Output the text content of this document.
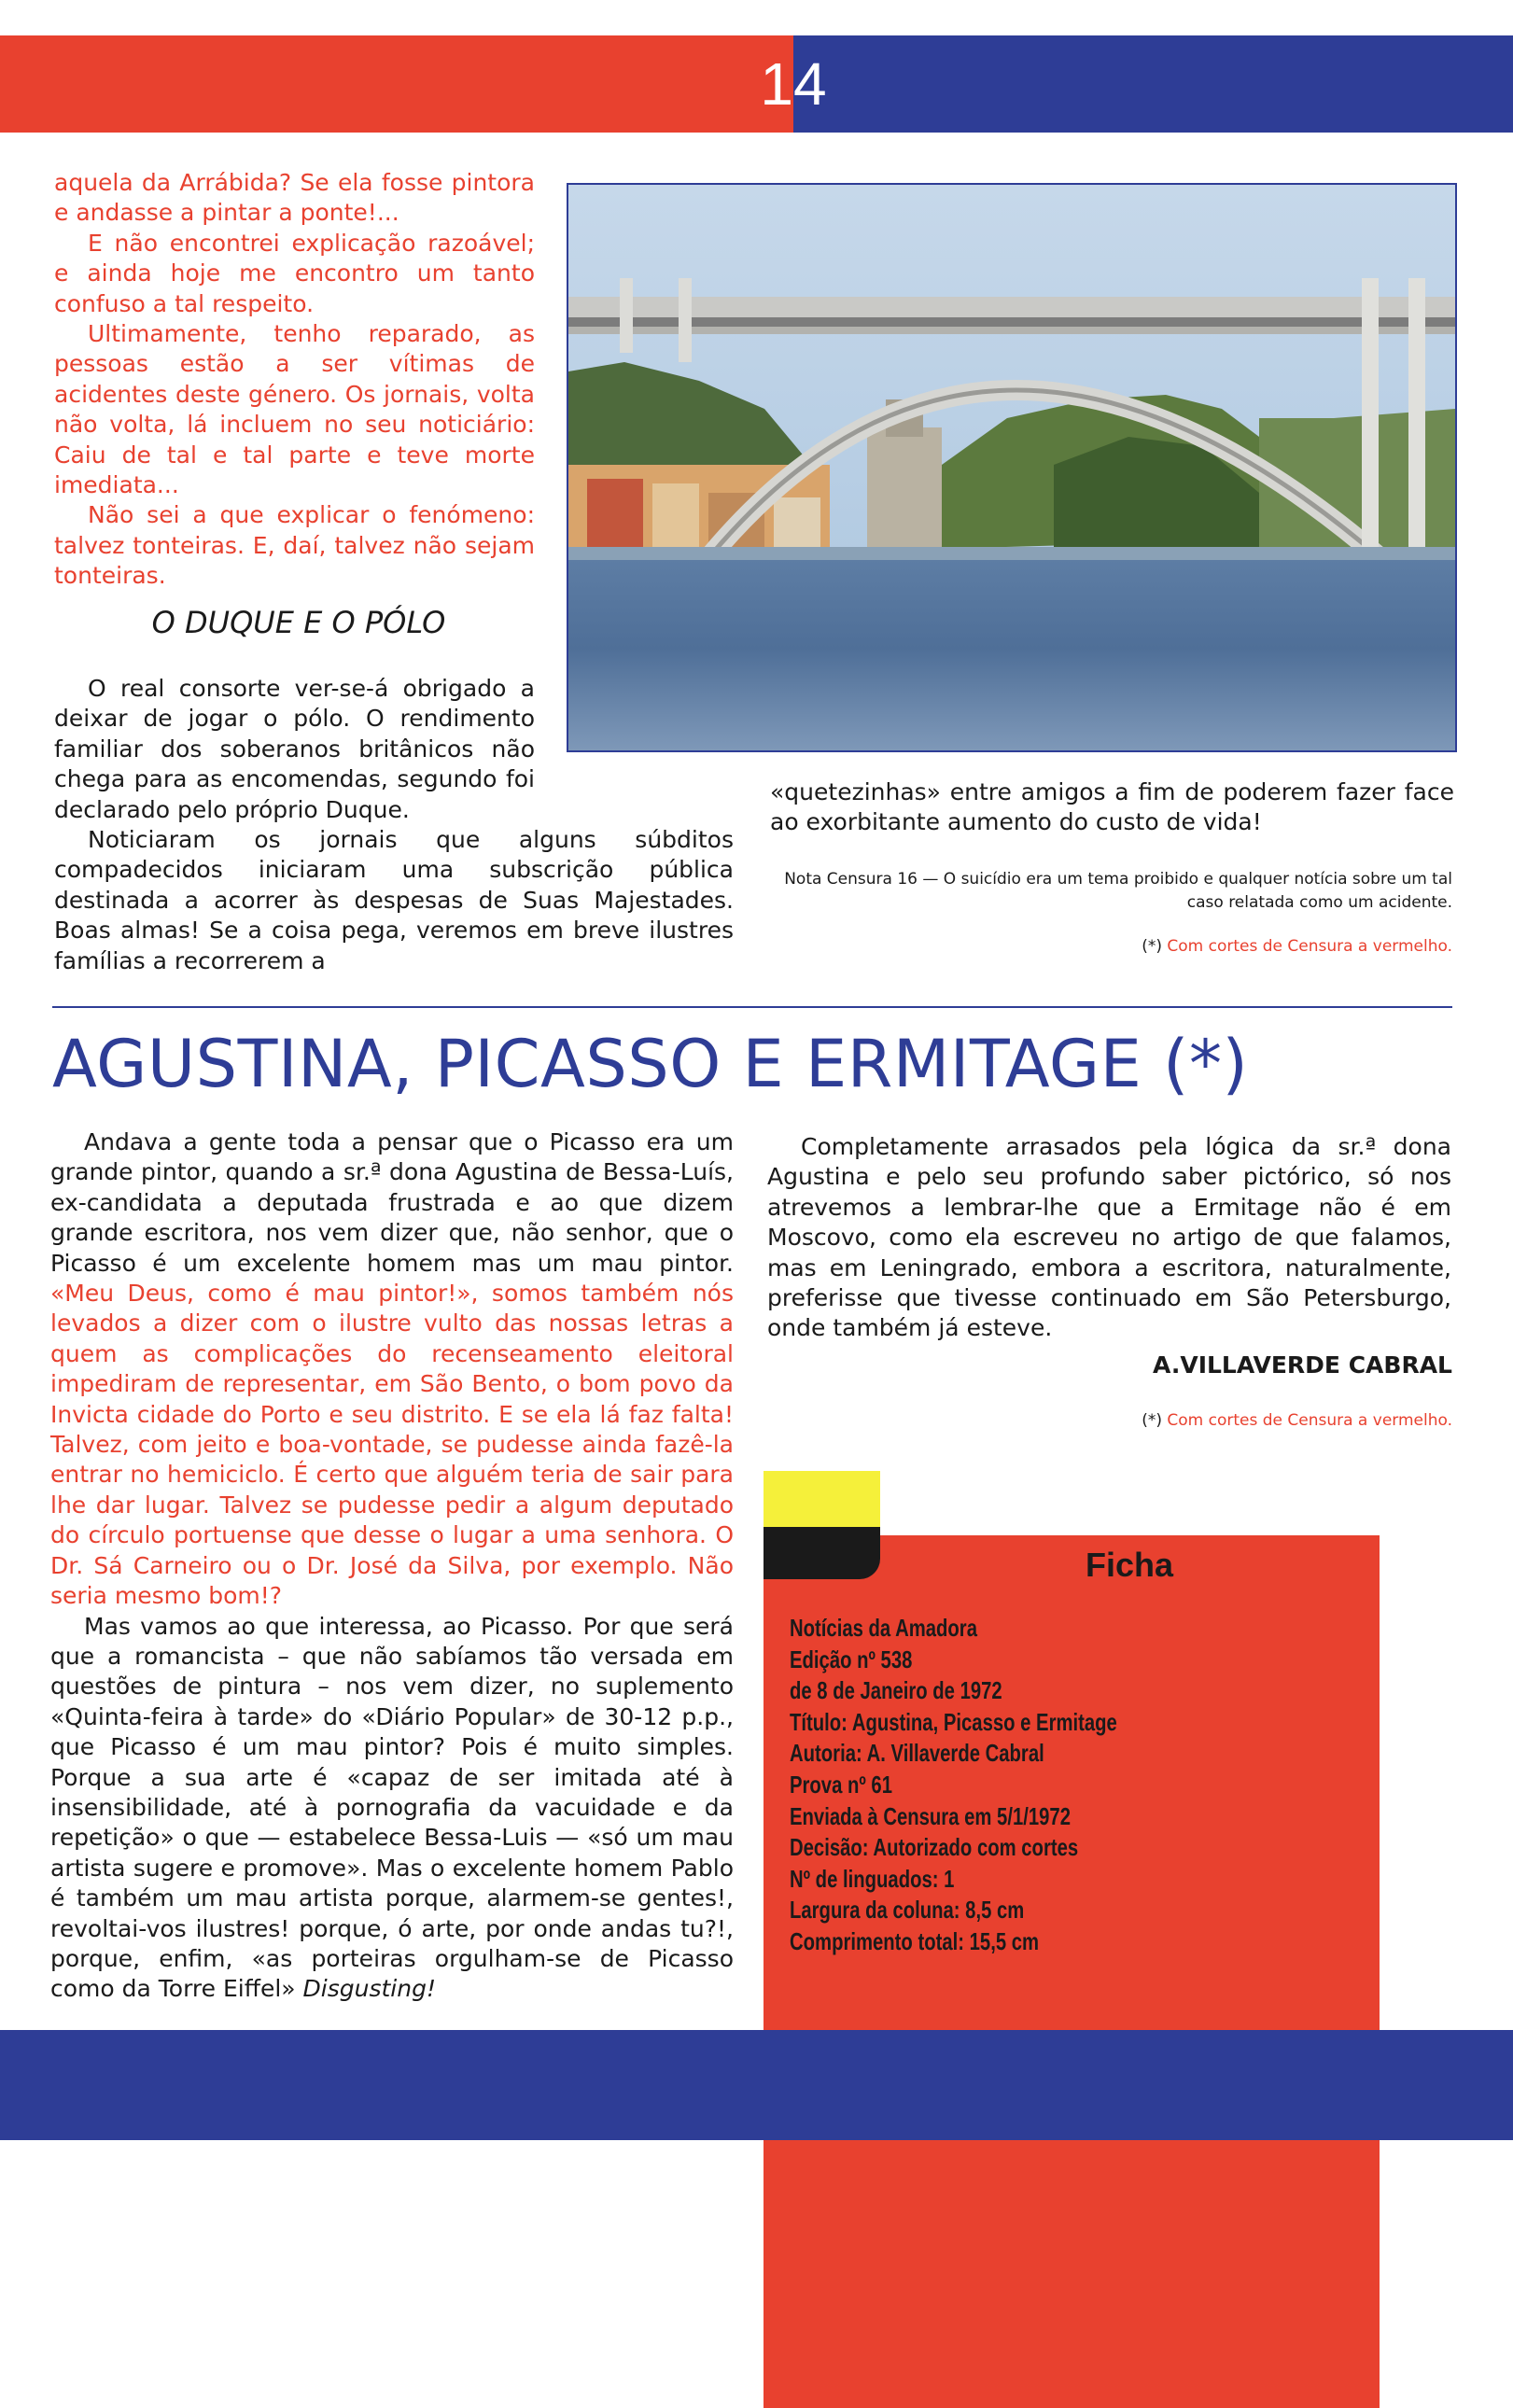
14

aquela da Arrábida? Se ela fosse pintora e andasse a pintar a ponte!...

E não encontrei explicação razoável; e ainda hoje me encontro um tanto confuso a tal respeito.

Ultimamente, tenho reparado, as pessoas estão a ser vítimas de acidentes deste género. Os jornais, volta não volta, lá incluem no seu noticiário: Caiu de tal e tal parte e teve morte imediata...

Não sei a que explicar o fenómeno: talvez tonteiras. E, daí, talvez não sejam tonteiras.

O DUQUE E O PÓLO

O real consorte ver-se-á obrigado a deixar de jogar o pólo. O rendimento familiar dos soberanos britânicos não chega para as encomendas, segundo foi declarado pelo próprio Duque.

Noticiaram os jornais que alguns súbditos compadecidos iniciaram uma subscrição pública destinada a acorrer às despesas de Suas Majestades. Boas almas! Se a coisa pega, veremos em breve ilustres famílias a recorrerem a

«quetezinhas» entre amigos a fim de poderem fazer face ao exorbitante aumento do custo de vida!

Nota Censura 16 — O suicídio era um tema proibido e qualquer notícia sobre um tal caso relatada como um acidente.
(*) Com cortes de Censura a vermelho.
AGUSTINA, PICASSO E ERMITAGE (*)

Andava a gente toda a pensar que o Picasso era um grande pintor, quando a sr.ª dona Agustina de Bessa-Luís, ex-candidata a deputada frustrada e ao que dizem grande escritora, nos vem dizer que, não senhor, que o Picasso é um excelente homem mas um mau pintor. «Meu Deus, como é mau pintor!», somos também nós levados a dizer com o ilustre vulto das nossas letras a quem as complicações do recenseamento eleitoral impediram de representar, em São Bento, o bom povo da Invicta cidade do Porto e seu distrito. E se ela lá faz falta! Talvez, com jeito e boa-vontade, se pudesse ainda fazê-la entrar no hemiciclo. É certo que alguém teria de sair para lhe dar lugar. Talvez se pudesse pedir a algum deputado do círculo portuense que desse o lugar a uma senhora. O Dr. Sá Carneiro ou o Dr. José da Silva, por exemplo. Não seria mesmo bom!?

Mas vamos ao que interessa, ao Picasso. Por que será que a romancista – que não sabíamos tão versada em questões de pintura – nos vem dizer, no suplemento «Quinta-feira à tarde» do «Diário Popular» de 30-12 p.p., que Picasso é um mau pintor? Pois é muito simples. Porque a sua arte é «capaz de ser imitada até à insensibilidade, até à pornografia da vacuidade e da repetição» o que — estabelece Bessa-Luis — «só um mau artista sugere e promove». Mas o excelente homem Pablo é também um mau artista porque, alarmem-se gentes!, revoltai-vos ilustres! porque, ó arte, por onde andas tu?!, porque, enfim, «as porteiras orgulham-se de Picasso como da Torre Eiffel» Disgusting!

Completamente arrasados pela lógica da sr.ª dona Agustina e pelo seu profundo saber pictórico, só nos atrevemos a lembrar-lhe que a Ermitage não é em Moscovo, como ela escreveu no artigo de que falamos, mas em Leningrado, embora a escritora, naturalmente, preferisse que tivesse continuado em São Petersburgo, onde também já esteve.

A.VILLAVERDE CABRAL
(*) Com cortes de Censura a vermelho.
Ficha
Notícias da Amadora
Edição nº 538
de 8 de Janeiro de 1972
Título: Agustina, Picasso e Ermitage
Autoria: A. Villaverde Cabral
Prova nº 61
Enviada à Censura em 5/1/1972
Decisão: Autorizado com cortes
Nº de linguados: 1
Largura da coluna: 8,5 cm
Comprimento total: 15,5 cm
